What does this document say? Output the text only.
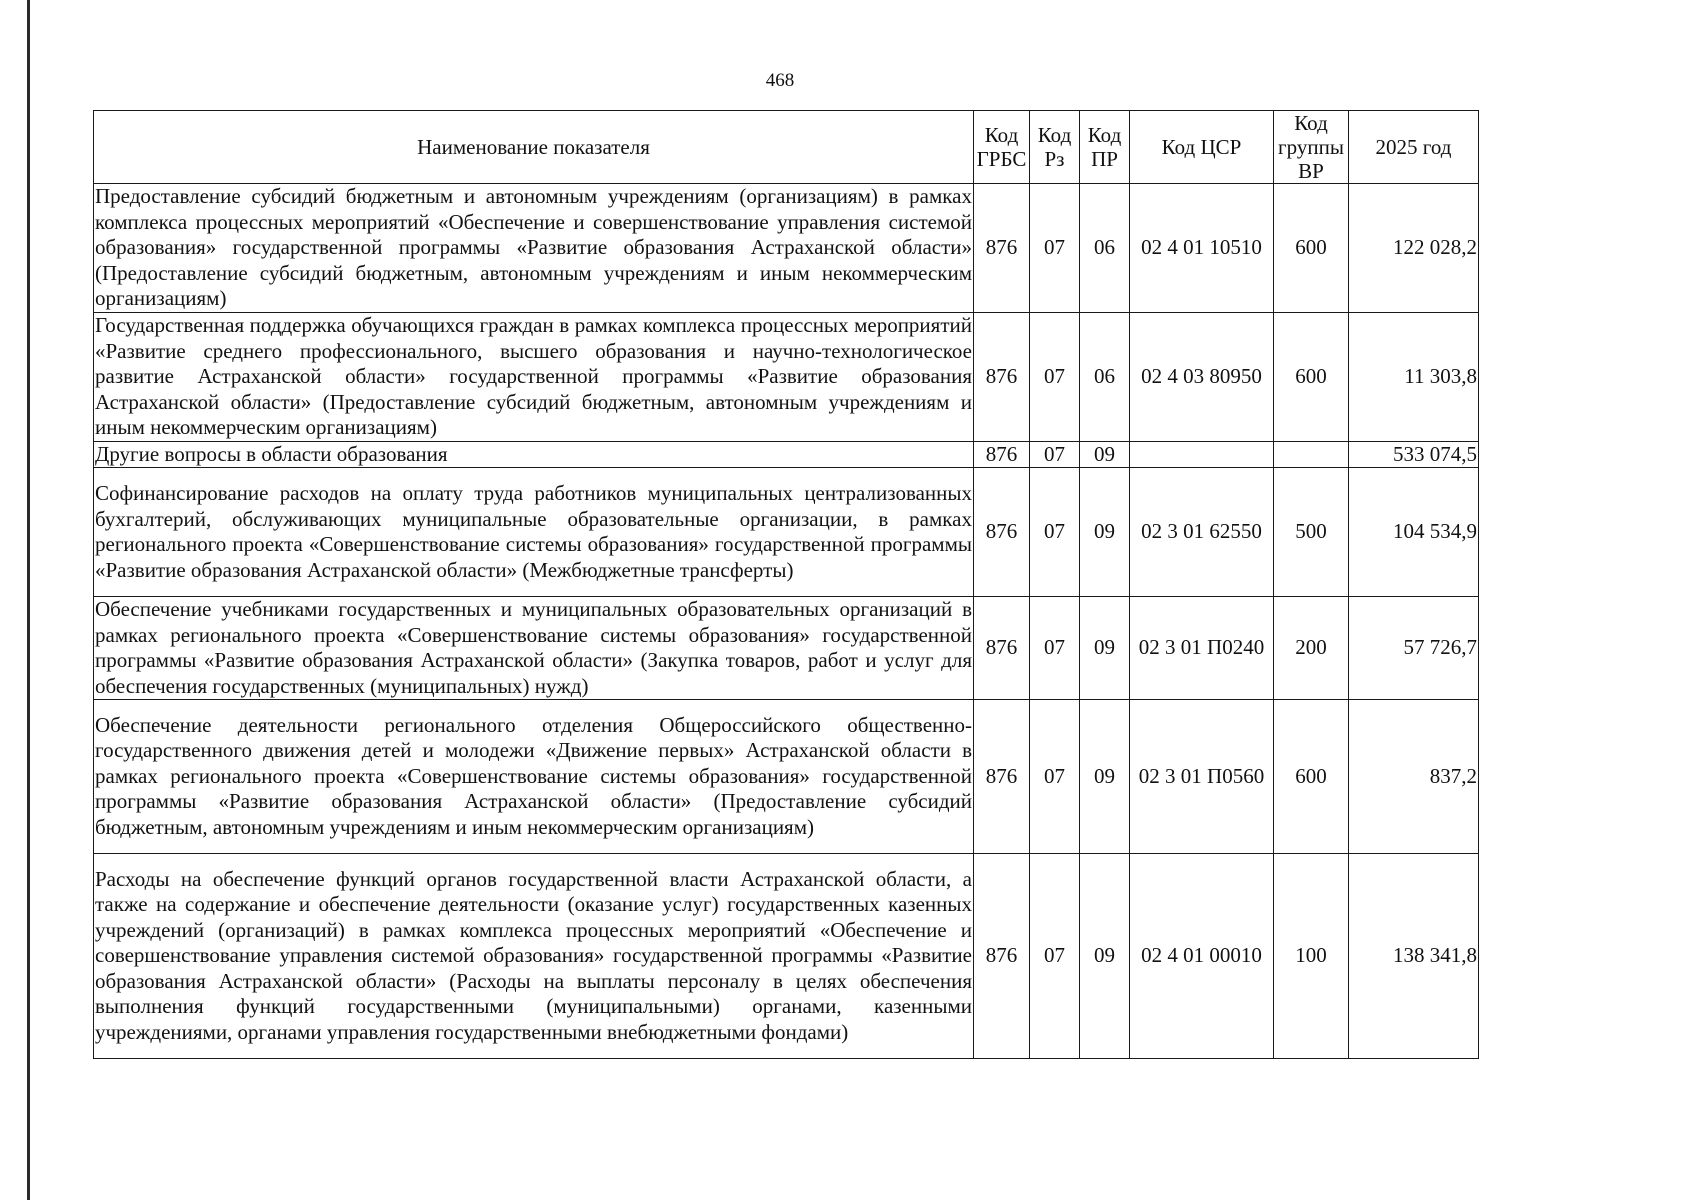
468
Наименование показателя	Код ГРБС	Код Рз	Код ПР	Код ЦСР	Код группы ВР	2025 год
Предоставление субсидий бюджетным и автономным учреждениям (организациям) в рамках комплекса процессных мероприятий «Обеспечение и совершенствование управления системой образования» государственной программы «Развитие образования Астраханской области» (Предоставление субсидий бюджетным, автономным учреждениям и иным некоммерческим организациям)	876	07	06	02 4 01 10510	600	122 028,2
Государственная поддержка обучающихся граждан в рамках комплекса процессных мероприятий «Развитие среднего профессионального, высшего образования и научно-технологическое развитие Астраханской области» государственной программы «Развитие образования Астраханской области» (Предоставление субсидий бюджетным, автономным учреждениям и иным некоммерческим организациям)	876	07	06	02 4 03 80950	600	11 303,8
Другие вопросы в области образования	876	07	09			533 074,5
Софинансирование расходов на оплату труда работников муниципальных централизованных бухгалтерий, обслуживающих муниципальные образовательные организации, в рамках регионального проекта «Совершенствование системы образования» государственной программы «Развитие образования Астраханской области» (Межбюджетные трансферты)	876	07	09	02 3 01 62550	500	104 534,9
Обеспечение учебниками государственных и муниципальных образовательных организаций в рамках регионального проекта «Совершенствование системы образования» государственной программы «Развитие образования Астраханской области» (Закупка товаров, работ и услуг для обеспечения государственных (муниципальных) нужд)	876	07	09	02 3 01 П0240	200	57 726,7
Обеспечение деятельности регионального отделения Общероссийского общественно-государственного движения детей и молодежи «Движение первых» Астраханской области в рамках регионального проекта «Совершенствование системы образования» государственной программы «Развитие образования Астраханской области» (Предоставление субсидий бюджетным, автономным учреждениям и иным некоммерческим организациям)	876	07	09	02 3 01 П0560	600	837,2
Расходы на обеспечение функций органов государственной власти Астраханской области, а также на содержание и обеспечение деятельности (оказание услуг) государственных казенных учреждений (организаций) в рамках комплекса процессных мероприятий «Обеспечение и совершенствование управления системой образования» государственной программы «Развитие образования Астраханской области» (Расходы на выплаты персоналу в целях обеспечения выполнения функций государственными (муниципальными) органами, казенными учреждениями, органами управления государственными внебюджетными фондами)	876	07	09	02 4 01 00010	100	138 341,8
